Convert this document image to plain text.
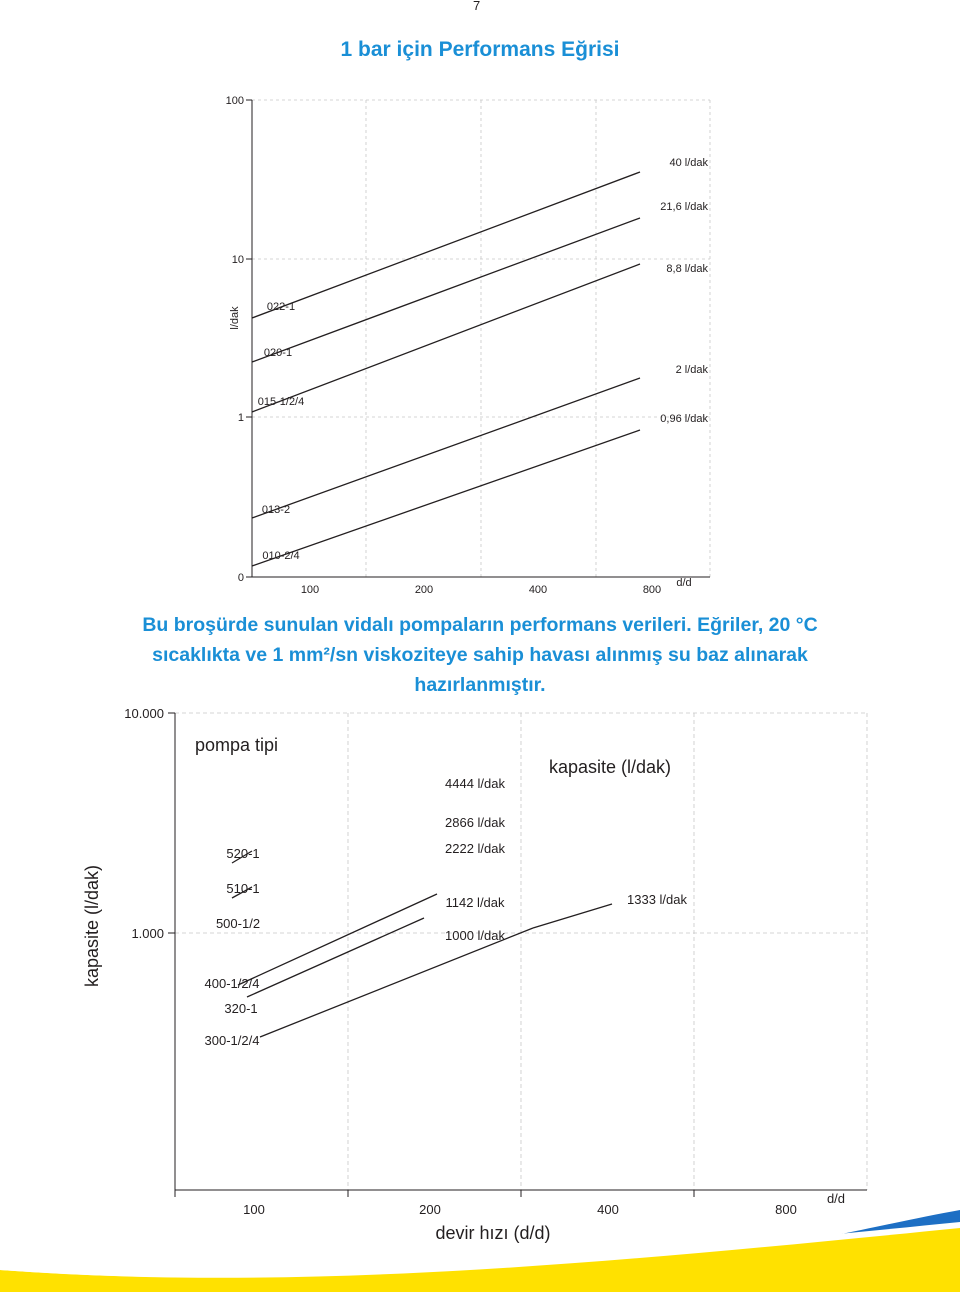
7
1 bar için Performans Eğrisi
Bu broşürde sunulan vidalı pompaların performans verileri. Eğriler, 20 °C
sıcaklıkta ve 1 mm²/sn viskoziteye sahip havası alınmış su baz alınarak
hazırlanmıştır.
100
10
1
0
100	200	400	800
d/d
l/dak 022-1
020-1
015-1/2/4
013-2
010-2/4
40 l/dak
21,6 l/dak
8,8 l/dak
2 l/dak
0,96 l/dak
10.000
1.000
100	200	400	800
d/d
devir hızı (d/d)
kapasite (l/dak)
pompa tipi
kapasite (l/dak)
520-1
510-1
500-1/2
400-1/2/4
320-1
300-1/2/4
4444 l/dak
2866 l/dak
2222 l/dak
1142 l/dak
1000 l/dak
1333 l/dak
